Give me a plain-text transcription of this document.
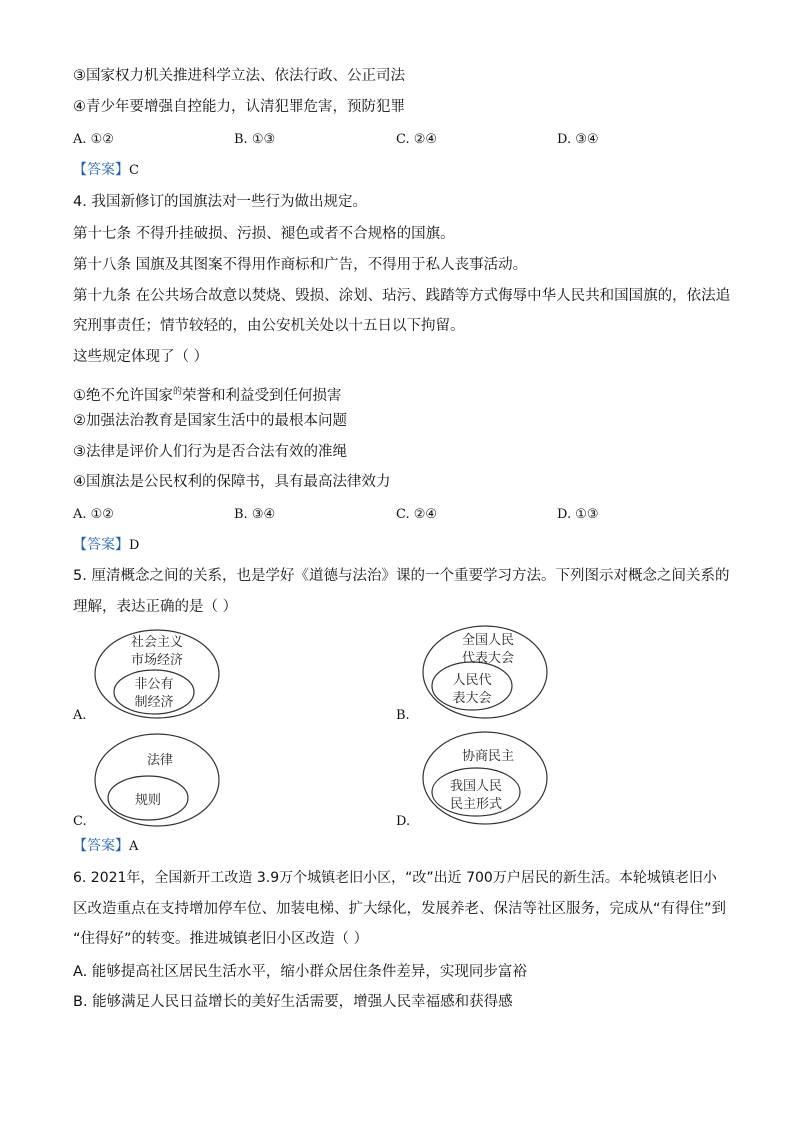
③国家权力机关推进科学立法、依法行政、公正司法
④青少年要增强自控能力，认清犯罪危害，预防犯罪
A. ①②	B. ①③	C. ②④	D. ③④
【答案】C
4. 我国新修订的国旗法对一些行为做出规定。
第十七条 不得升挂破损、污损、褪色或者不合规格的国旗。
第十八条 国旗及其图案不得用作商标和广告，不得用于私人丧事活动。
第十九条 在公共场合故意以焚烧、毁损、涂划、玷污、践踏等方式侮辱中华人民共和国国旗的，依法追
究刑事责任；情节较轻的，由公安机关处以十五日以下拘留。
这些规定体现了（ ）
①绝不允许国家$^的$荣誉和利益受到任何损害
②加强法治教育是国家生活中的最根本问题
③法律是评价人们行为是否合法有效的准绳
④国旗法是公民权利的保障书，具有最高法律效力
A. ①②	B. ③④	C. ②④	D. ①③
【答案】D
5. 厘清概念之间的关系，也是学好《道德与法治》课的一个重要学习方法。下列图示对概念之间关系的
理解，表达正确的是（ ）
社会主义
市场经济
非公有
制经济
A.
全国人民
代表大会
人民代
表大会
B.
法律
规则
C.
协商民主
我国人民
民主形式
D.
【答案】A
6. 2021年，全国新开工改造 3.9万个城镇老旧小区，“改”出近 700万户居民的新生活。本轮城镇老旧小
区改造重点在支持增加停车位、加装电梯、扩大绿化，发展养老、保洁等社区服务，完成从“有得住”到
“住得好”的转变。推进城镇老旧小区改造（ ）
A. 能够提高社区居民生活水平，缩小群众居住条件差异，实现同步富裕
B. 能够满足人民日益增长的美好生活需要，增强人民幸福感和获得感
